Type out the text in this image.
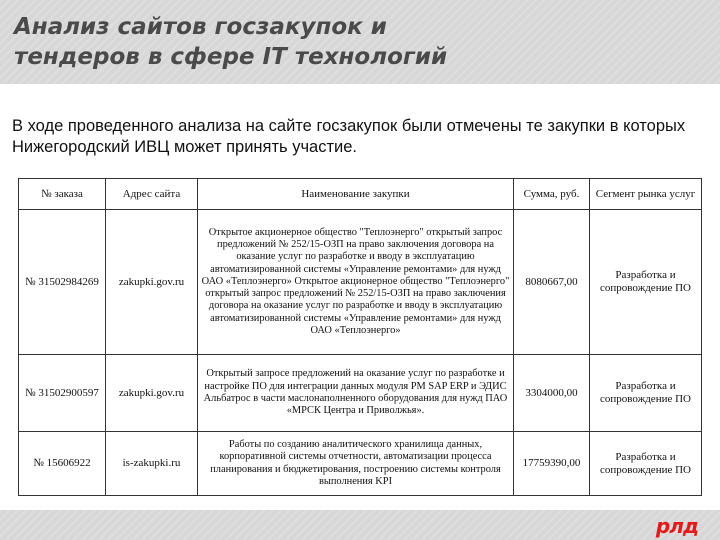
Анализ сайтов госзакупок и
тендеров в сфере IT технологий

В ходе проведенного анализа на сайте госзакупок были отмечены те закупки в которых Нижегородский ИВЦ может принять участие.

№ заказа	Адрес сайта	Наименование закупки	Сумма, руб.	Сегмент рынка услуг
№ 31502984269	zakupki.gov.ru	Открытое акционерное общество "Теплоэнерго" открытый запрос предложений № 252/15-ОЗП на право заключения договора на оказание услуг по разработке и вводу в эксплуатацию автоматизированной системы «Управление ремонтами» для нужд ОАО «Теплоэнерго» Открытое акционерное общество "Теплоэнерго" открытый запрос предложений № 252/15-ОЗП на право заключения договора на оказание услуг по разработке и вводу в эксплуатацию автоматизированной системы «Управление ремонтами» для нужд ОАО «Теплоэнерго»	8080667,00	Разработка и сопровождение ПО
№ 31502900597	zakupki.gov.ru	Открытый запросе предложений на оказание услуг по разработке и настройке ПО для интеграции данных модуля PM SAP ERP и ЭДИС Альбатрос в части маслонаполненного оборудования для нужд ПАО «МРСК Центра и Приволжья».	3304000,00	Разработка и сопровождение ПО
№ 15606922	is-zakupki.ru	Работы по созданию аналитического хранилища данных, корпоративной системы отчетности, автоматизации процесса планирования и бюджетирования, построению системы контроля выполнения KPI	17759390,00	Разработка и сопровождение ПО
рлд
